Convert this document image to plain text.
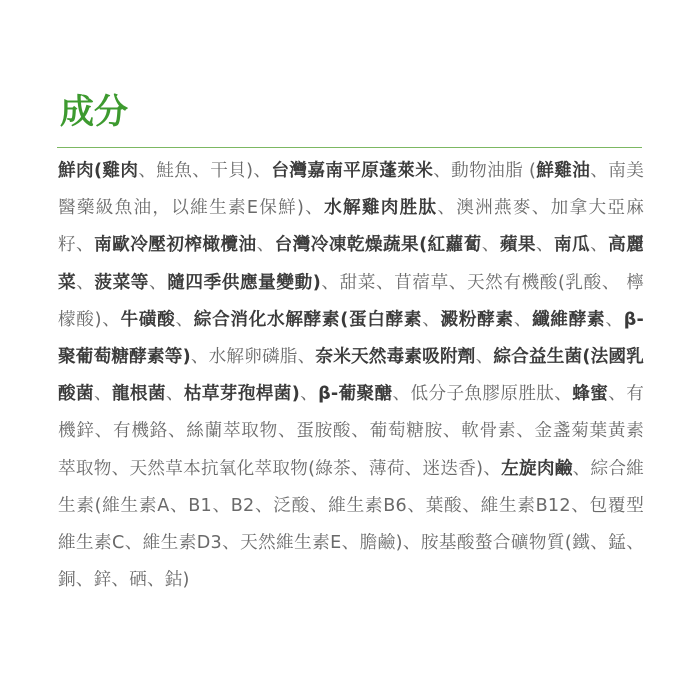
成分

鮮肉(雞肉、鮭魚、干貝)、台灣嘉南平原蓬萊米、動物油脂 (鮮雞油、南美醫藥級魚油，以維生素E保鮮)、水解雞肉胜肽、澳洲燕麥、加拿大亞麻籽、南歐冷壓初榨橄欖油、台灣冷凍乾燥蔬果(紅蘿蔔、蘋果、南瓜、高麗菜、菠菜等、隨四季供應量變動)、甜菜、苜蓿草、天然有機酸(乳酸、 檸檬酸)、牛磺酸、綜合消化水解酵素(蛋白酵素、澱粉酵素、纖維酵素、β-聚葡萄糖酵素等)、水解卵磷脂、奈米天然毒素吸附劑、綜合益生菌(法國乳酸菌、龍根菌、枯草芽孢桿菌)、β-葡聚醣、低分子魚膠原胜肽、蜂蜜、有機鋅、有機鉻、絲蘭萃取物、蛋胺酸、葡萄糖胺、軟骨素、金盞菊葉黃素萃取物、天然草本抗氧化萃取物(綠茶、薄荷、迷迭香)、左旋肉鹼、綜合維生素(維生素A、B1、B2、泛酸、維生素B6、葉酸、維生素B12、包覆型維生素C、維生素D3、天然維生素E、膽鹼)、胺基酸螯合礦物質(鐵、錳、銅、鋅、硒、鈷)
